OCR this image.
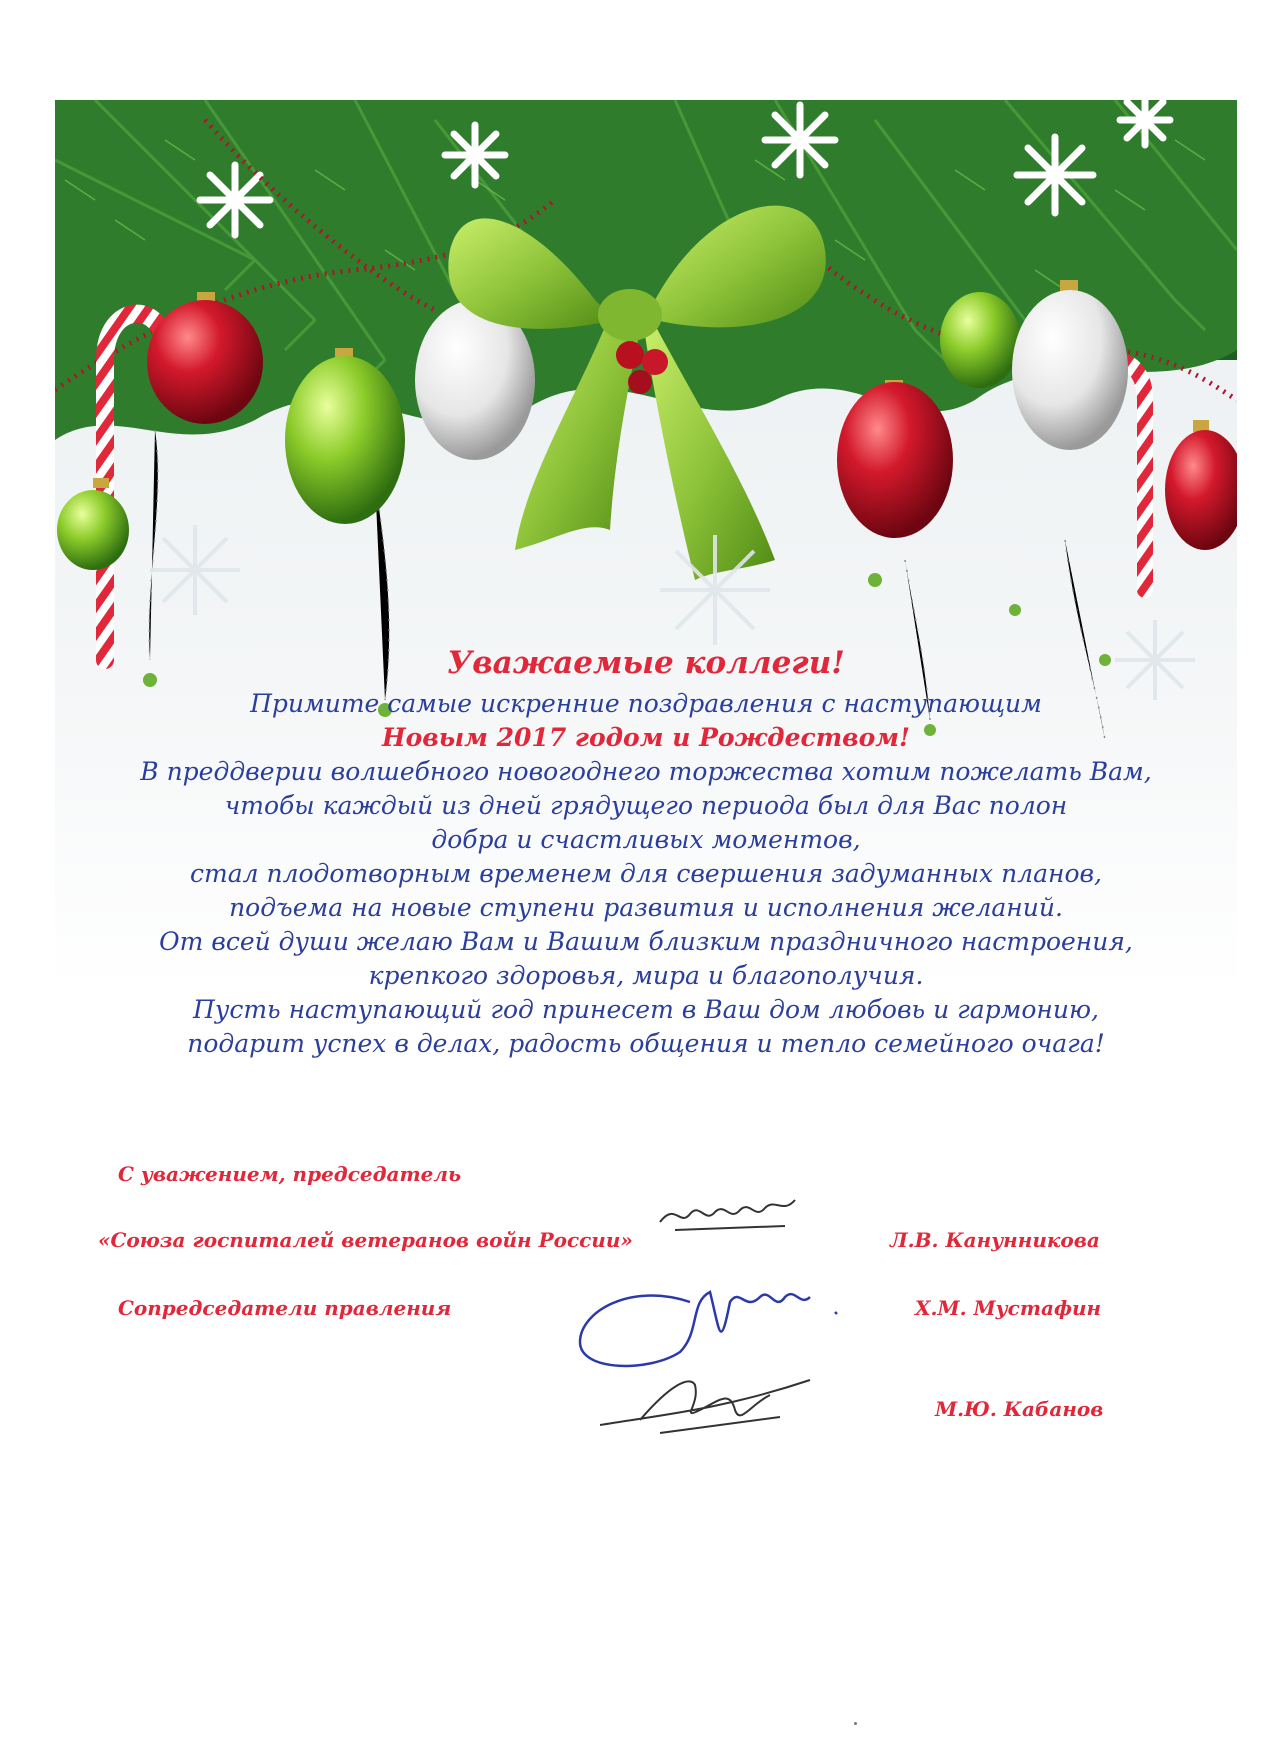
Уважаемые коллеги!
Примите самые искренние поздравления с наступающим
Новым 2017 годом и Рождеством!
В преддверии волшебного новогоднего торжества хотим пожелать Вам,
чтобы каждый из дней грядущего периода был для Вас полон
добра и счастливых моментов,
стал плодотворным временем для свершения задуманных планов,
подъема на новые ступени развития и исполнения желаний.
От всей души желаю Вам и Вашим близким праздничного настроения,
крепкого здоровья, мира и благополучия.
Пусть наступающий год принесет в Ваш дом любовь и гармонию,
подарит успех в делах, радость общения и тепло семейного очага!
С уважением, председатель
«Союза госпиталей ветеранов войн России»	Л.В. Канунникова
Сопредседатели правления	Х.М. Мустафин
М.Ю. Кабанов
